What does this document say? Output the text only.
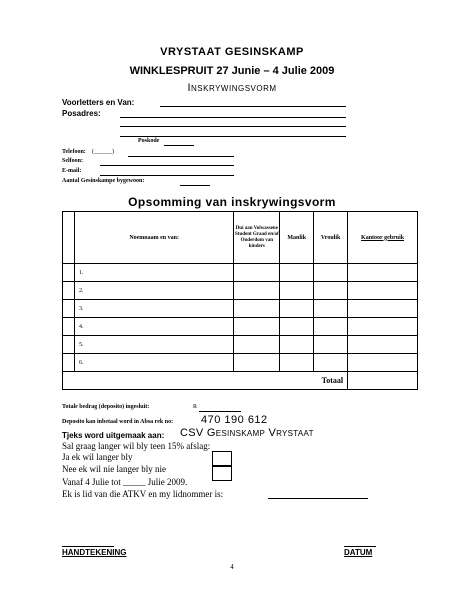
VRYSTAAT GESINSKAMP
WINKLESPRUIT 27 Junie – 4 Julie 2009
Inskrywingsvorm
Voorletters en Van:
Posadres:
Poskode
Telefoon: (______)
Selfoon:
E-mail:
Aantal Gesinskampe bygewoon:
Opsomming van inskrywingsvorm
	Noemnaam en van:	Dui aan Volwassene Student Graad en/of Ouderdom van kinders	Manlik	Vroulik	Kantoor gebruik
	1.				
	2.				
	3.				
	4.				
	5.				
	6.				
Totaal					
Totale bedrag (deposito) ingesluit:	R
Deposito kan inbetaal word in Absa rek no:	470 190 612
Tjeks word uitgemaak aan: CSV Gesinskamp Vrystaat
Sal graag langer wil bly teen 15% afslag:
Ja ek wil langer bly
Nee ek wil nie langer bly nie
Vanaf 4 Julie tot _____ Julie 2009.
Ek is lid van die ATKV en my lidnommer is:
HANDTEKENING	DATUM
4
